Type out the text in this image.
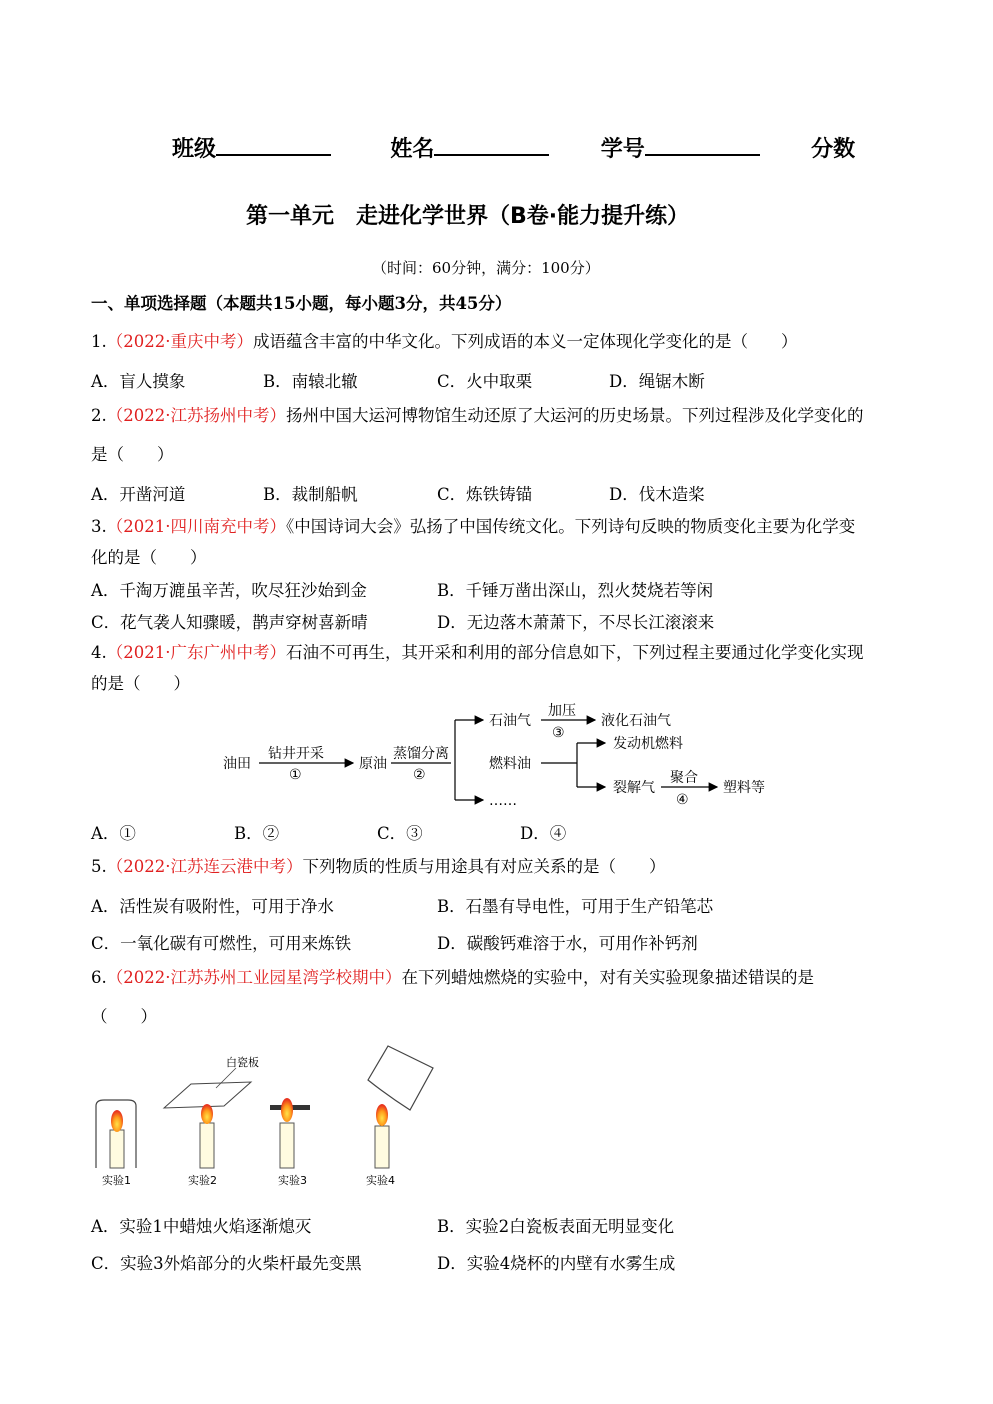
班级	姓名	学号	分数
第一单元　走进化学世界（B卷·能力提升练）
（时间：60分钟，满分：100分）
一、单项选择题（本题共15小题，每小题3分，共45分）
1.（2022·重庆中考）成语蕴含丰富的中华文化。下列成语的本义一定体现化学变化的是（　　）
A．盲人摸象	B．南辕北辙	C．火中取栗	D．绳锯木断
2.（2022·江苏扬州中考）扬州中国大运河博物馆生动还原了大运河的历史场景。下列过程涉及化学变化的
是（　　）
A．开凿河道	B．裁制船帆	C．炼铁铸锚	D．伐木造桨
3.（2021·四川南充中考）《中国诗词大会》弘扬了中国传统文化。下列诗句反映的物质变化主要为化学变
化的是（　　）
A．千淘万漉虽辛苦，吹尽狂沙始到金	B．千锤万凿出深山，烈火焚烧若等闲
C．花气袭人知骤暖，鹊声穿树喜新晴	D．无边落木萧萧下，不尽长江滚滚来
4.（2021·广东广州中考）石油不可再生，其开采和利用的部分信息如下，下列过程主要通过化学变化实现
的是（　　）
油田
钻井开采
①
原油
蒸馏分离
②
石油气
加压
③
液化石油气
燃料油
发动机燃料
裂解气
聚合
④
塑料等
……
A．①	B．②	C．③	D．④
5.（2022·江苏连云港中考）下列物质的性质与用途具有对应关系的是（　　）
A．活性炭有吸附性，可用于净水	B．石墨有导电性，可用于生产铅笔芯
C．一氧化碳有可燃性，可用来炼铁	D．碳酸钙难溶于水，可用作补钙剂
6.（2022·江苏苏州工业园星湾学校期中）在下列蜡烛燃烧的实验中，对有关实验现象描述错误的是
（　　）
实验1
白瓷板
实验2	实验3	实验4
A．实验1中蜡烛火焰逐渐熄灭	B．实验2白瓷板表面无明显变化
C．实验3外焰部分的火柴杆最先变黑	D．实验4烧杯的内壁有水雾生成
